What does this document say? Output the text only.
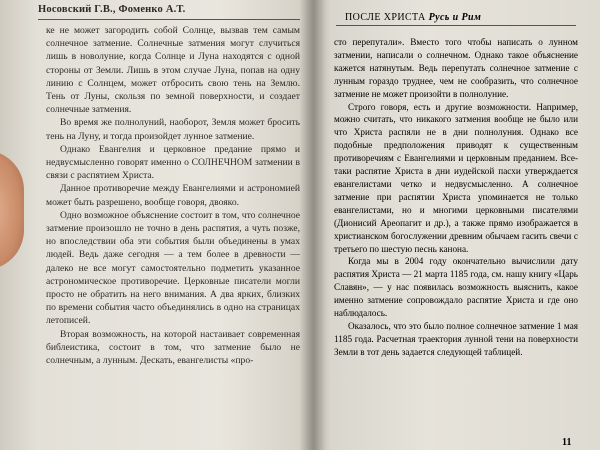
Носовский Г.В., Фоменко А.Т.

ке не может загородить собой Солнце, вызвав тем самым солнечное затмение. Солнечные затмения могут случиться лишь в новолуние, когда Солнце и Луна находятся с одной стороны от Земли. Лишь в этом случае Луна, попав на одну линию с Солнцем, может отбросить свою тень на Землю. Тень от Луны, скользя по земной поверхности, и создает солнечные затмения.

Во время же полнолуний, наоборот, Земля может бросить тень на Луну, и тогда произойдет лунное затмение.

Однако Евангелия и церковное предание прямо и недвусмысленно говорят именно о СОЛНЕЧНОМ затмении в связи с распятием Христа.

Данное противоречие между Евангелиями и астрономией может быть разрешено, вообще говоря, двояко.

Одно возможное объяснение состоит в том, что солнечное затмение произошло не точно в день распятия, а чуть позже, но впоследствии оба эти события были объединены в умах людей. Ведь даже сегодня — а тем более в древности — далеко не все могут самостоятельно подметить указанное астрономическое противоречие. Церковные писатели могли просто не обратить на него внимания. А два ярких, близких по времени события часто объединялись в одно на страницах летописей.

Вторая возможность, на которой настаивает современная библеистика, состоит в том, что затмение было не солнечным, а лунным. Дескать, евангелисты «про-

ПОСЛЕ ХРИСТА Русь и Рим

сто перепутали». Вместо того чтобы написать о лунном затмении, написали о солнечном. Однако такое объяснение кажется натянутым. Ведь перепутать солнечное затмение с лунным гораздо труднее, чем не сообразить, что солнечное затмение не может произойти в полнолуние.

Строго говоря, есть и другие возможности. Например, можно считать, что никакого затмения вообще не было или что Христа распяли не в дни полнолуния. Однако все подобные предположения приводят к существенным противоречиям с Евангелиями и церковным преданием. Все-таки распятие Христа в дни иудейской пасхи утверждается евангелистами четко и недвусмысленно. А солнечное затмение при распятии Христа упоминается не только евангелистами, но и многими церковными писателями (Дионисий Ареопагит и др.), а также прямо изображается в христианском богослужении древним обычаем гасить свечи с третьего по шестую песнь канона.

Когда мы в 2004 году окончательно вычислили дату распятия Христа — 21 марта 1185 года, см. нашу книгу «Царь Славян», — у нас появилась возможность выяснить, какое именно затмение сопровождало распятие Христа и где оно наблюдалось.

Оказалось, что это было полное солнечное затмение 1 мая 1185 года. Расчетная траектория лунной тени на поверхности Земли в тот день задается следующей таблицей.

11
